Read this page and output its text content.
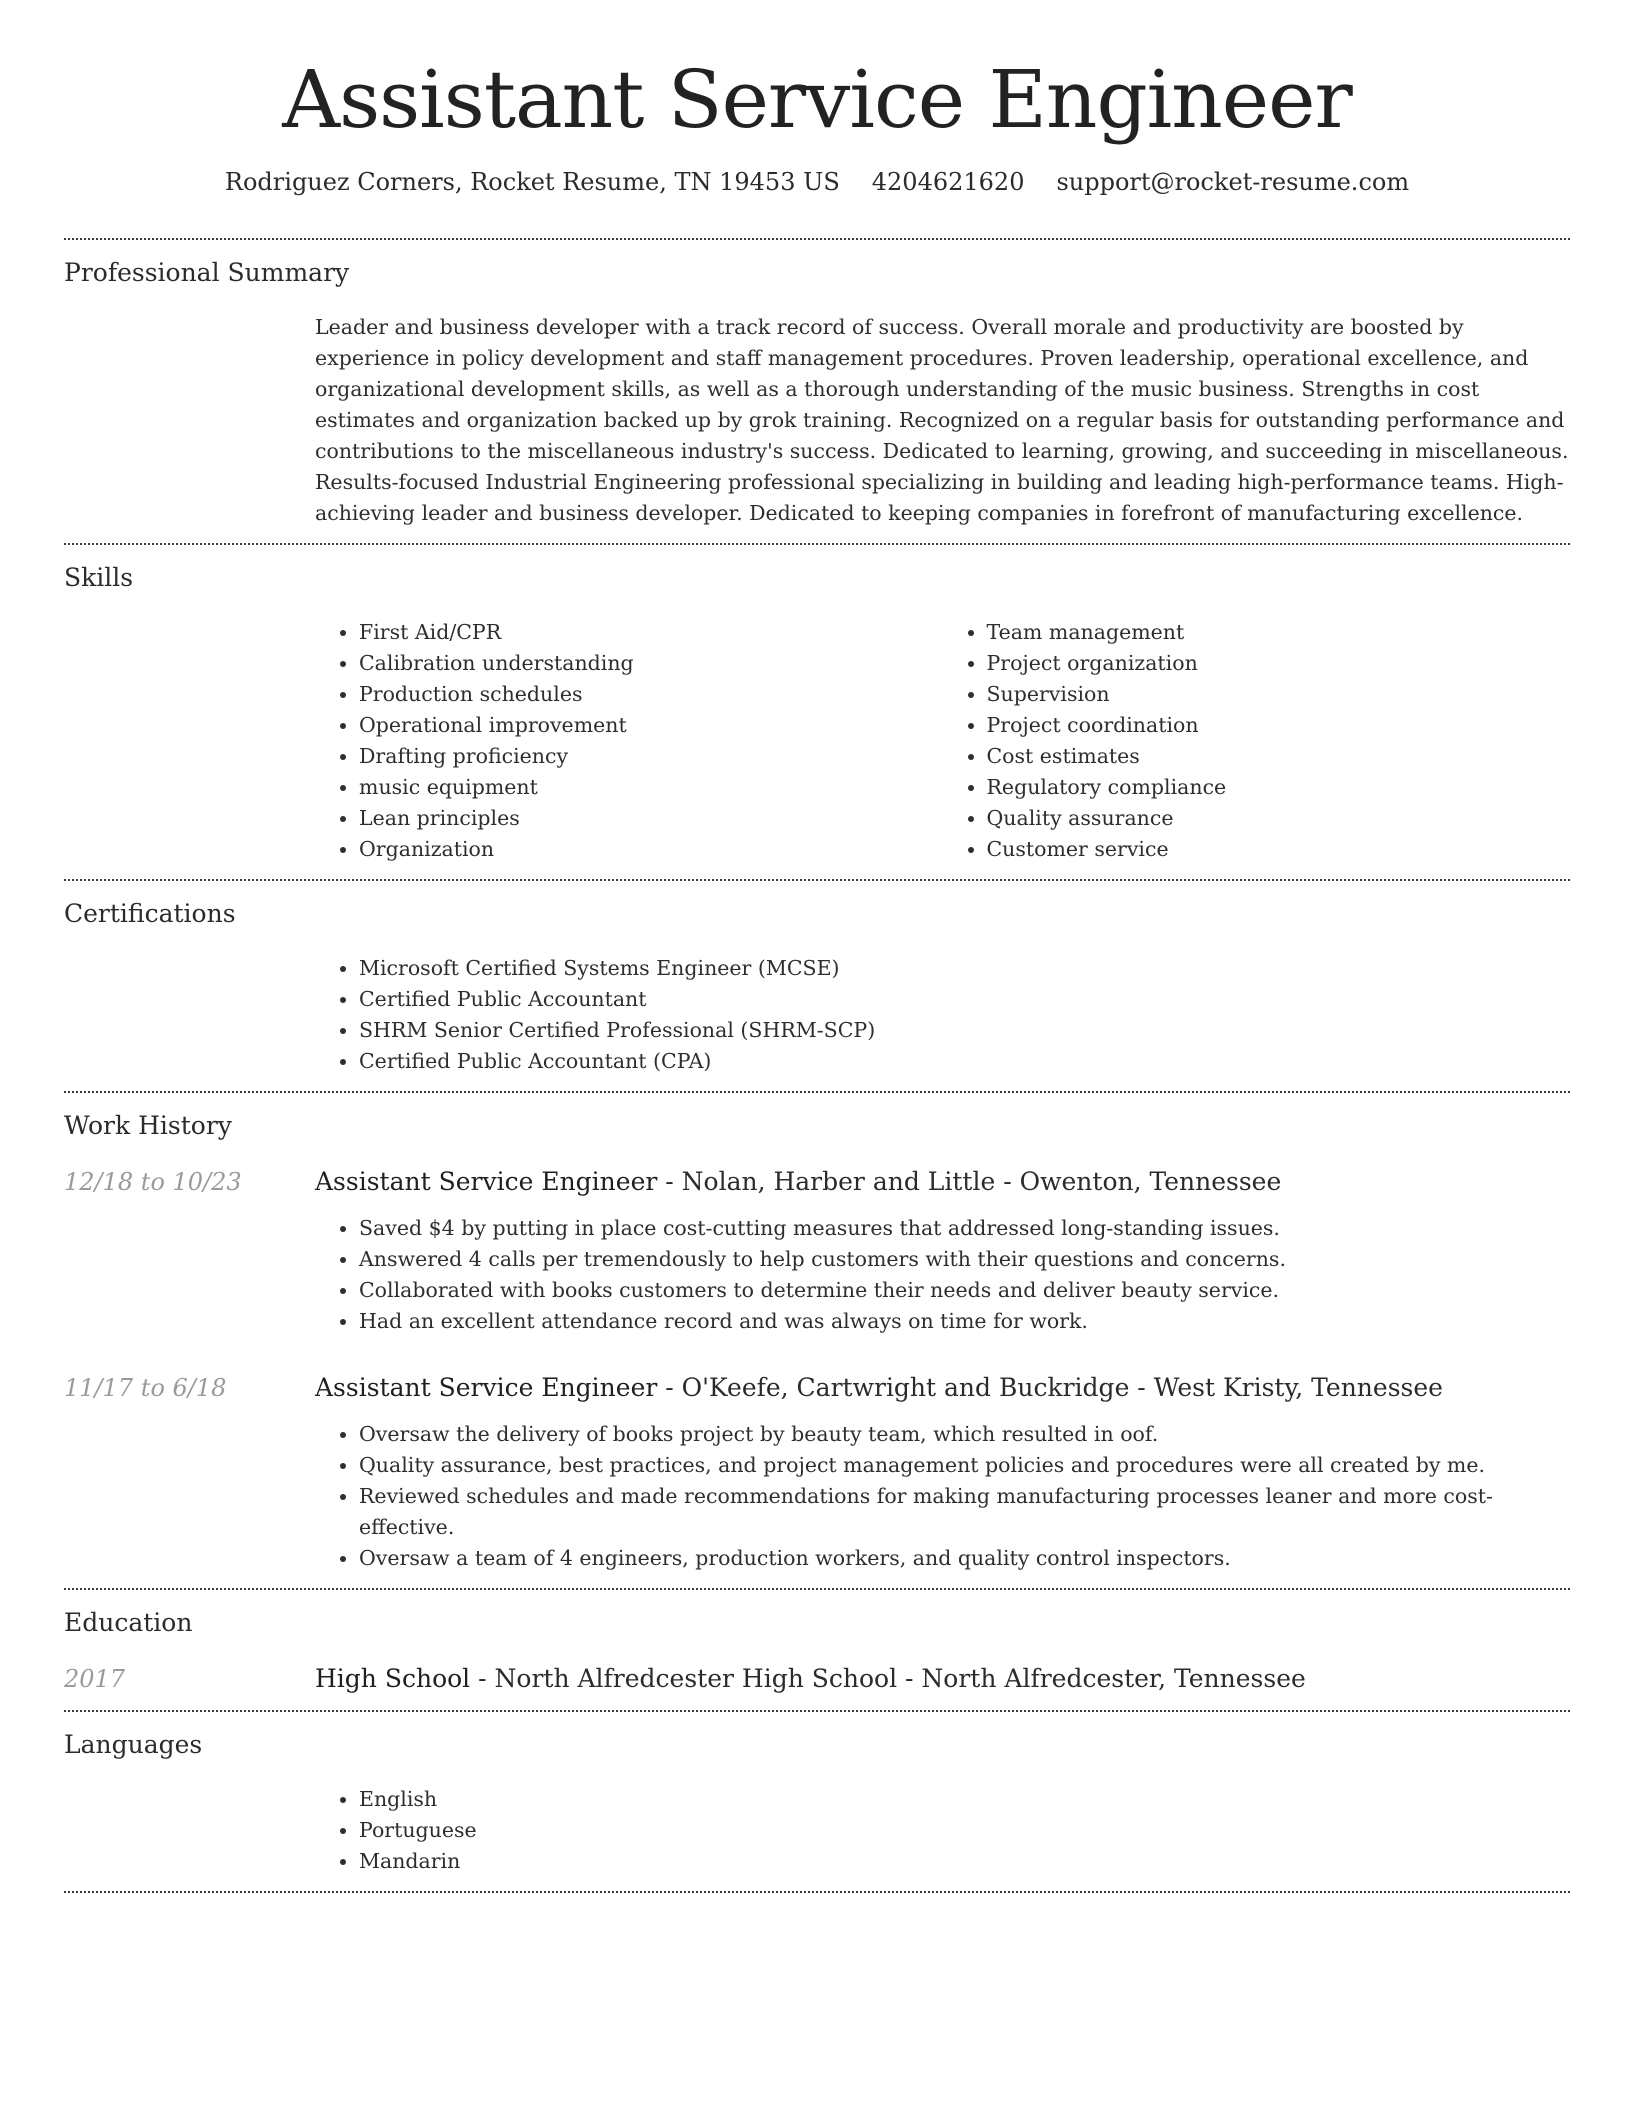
Assistant Service Engineer
Rodriguez Corners, Rocket Resume, TN 19453 US 4204621620 support@rocket-resume.com
Professional Summary

Leader and business developer with a track record of success. Overall morale and productivity are boosted by experience in policy development and staff management procedures. Proven leadership, operational excellence, and organizational development skills, as well as a thorough understanding of the music business. Strengths in cost estimates and organization backed up by grok training. Recognized on a regular basis for outstanding performance and contributions to the miscellaneous industry's success. Dedicated to learning, growing, and succeeding in miscellaneous. Results-focused Industrial Engineering professional specializing in building and leading high-performance teams. High-achieving leader and business developer. Dedicated to keeping companies in forefront of manufacturing excellence.

Skills
• First Aid/CPR
• Calibration understanding
• Production schedules
• Operational improvement
• Drafting proficiency
• music equipment
• Lean principles
• Organization
• Team management
• Project organization
• Supervision
• Project coordination
• Cost estimates
• Regulatory compliance
• Quality assurance
• Customer service
Certifications
• Microsoft Certified Systems Engineer (MCSE)
• Certified Public Accountant
• SHRM Senior Certified Professional (SHRM-SCP)
• Certified Public Accountant (CPA)
Work History
12/18 to 10/23	Assistant Service Engineer - Nolan, Harber and Little - Owenton, Tennessee
• Saved $4 by putting in place cost-cutting measures that addressed long-standing issues.
• Answered 4 calls per tremendously to help customers with their questions and concerns.
• Collaborated with books customers to determine their needs and deliver beauty service.
• Had an excellent attendance record and was always on time for work.
11/17 to 6/18	Assistant Service Engineer - O'Keefe, Cartwright and Buckridge - West Kristy, Tennessee
• Oversaw the delivery of books project by beauty team, which resulted in oof.
• Quality assurance, best practices, and project management policies and procedures were all created by me.
• Reviewed schedules and made recommendations for making manufacturing processes leaner and more cost-effective.
• Oversaw a team of 4 engineers, production workers, and quality control inspectors.
Education
2017	High School - North Alfredcester High School - North Alfredcester, Tennessee
Languages
• English
• Portuguese
• Mandarin
